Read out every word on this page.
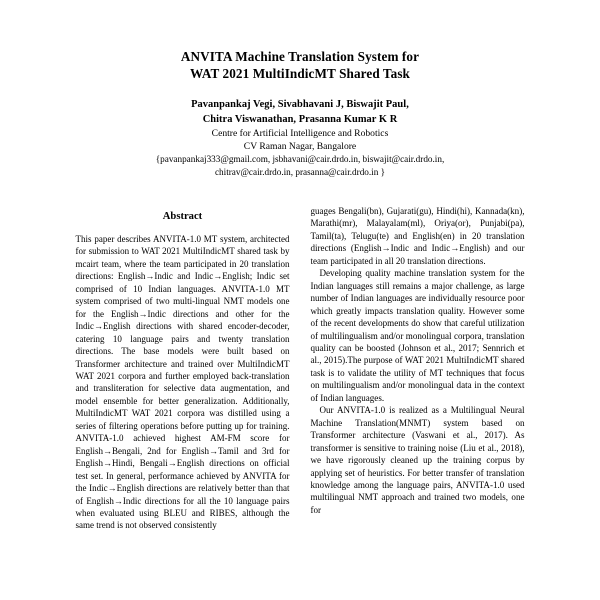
ANVITA Machine Translation System for
WAT 2021 MultiIndicMT Shared Task
Pavanpankaj Vegi, Sivabhavani J, Biswajit Paul,
Chitra Viswanathan, Prasanna Kumar K R
Centre for Artificial Intelligence and Robotics
CV Raman Nagar, Bangalore
{pavanpankaj333@gmail.com, jsbhavani@cair.drdo.in, biswajit@cair.drdo.in,
chitrav@cair.drdo.in, prasanna@cair.drdo.in }
Abstract

This paper describes ANVITA-1.0 MT system, architected for submission to WAT 2021 MultiIndicMT shared task by mcairt team, where the team participated in 20 translation directions: English→Indic and Indic→English; Indic set comprised of 10 Indian languages. ANVITA-1.0 MT system comprised of two multi-lingual NMT models one for the English→Indic directions and other for the Indic→English directions with shared encoder-decoder, catering 10 language pairs and twenty translation directions. The base models were built based on Transformer architecture and trained over MultiIndicMT WAT 2021 corpora and further employed back-translation and transliteration for selective data augmentation, and model ensemble for better generalization. Additionally, MultiIndicMT WAT 2021 corpora was distilled using a series of filtering operations before putting up for training. ANVITA-1.0 achieved highest AM-FM score for English→Bengali, 2nd for English→Tamil and 3rd for English→Hindi, Bengali→English directions on official test set. In general, performance achieved by ANVITA for the Indic→English directions are relatively better than that of English→Indic directions for all the 10 language pairs when evaluated using BLEU and RIBES, although the same trend is not observed consistently

guages Bengali(bn), Gujarati(gu), Hindi(hi), Kannada(kn), Marathi(mr), Malayalam(ml), Oriya(or), Punjabi(pa), Tamil(ta), Telugu(te) and English(en) in 20 translation directions (English→Indic and Indic→English) and our team participated in all 20 translation directions.

Developing quality machine translation system for the Indian languages still remains a major challenge, as large number of Indian languages are individually resource poor which greatly impacts translation quality. However some of the recent developments do show that careful utilization of multilingualism and/or monolingual corpora, translation quality can be boosted (Johnson et al., 2017; Sennrich et al., 2015).The purpose of WAT 2021 MultiIndicMT shared task is to validate the utility of MT techniques that focus on multilingualism and/or monolingual data in the context of Indian languages.

Our ANVITA-1.0 is realized as a Multilingual Neural Machine Translation(MNMT) system based on Transformer architecture (Vaswani et al., 2017). As transformer is sensitive to training noise (Liu et al., 2018), we have rigorously cleaned up the training corpus by applying set of heuristics. For better transfer of translation knowledge among the language pairs, ANVITA-1.0 used multilingual NMT approach and trained two models, one for
